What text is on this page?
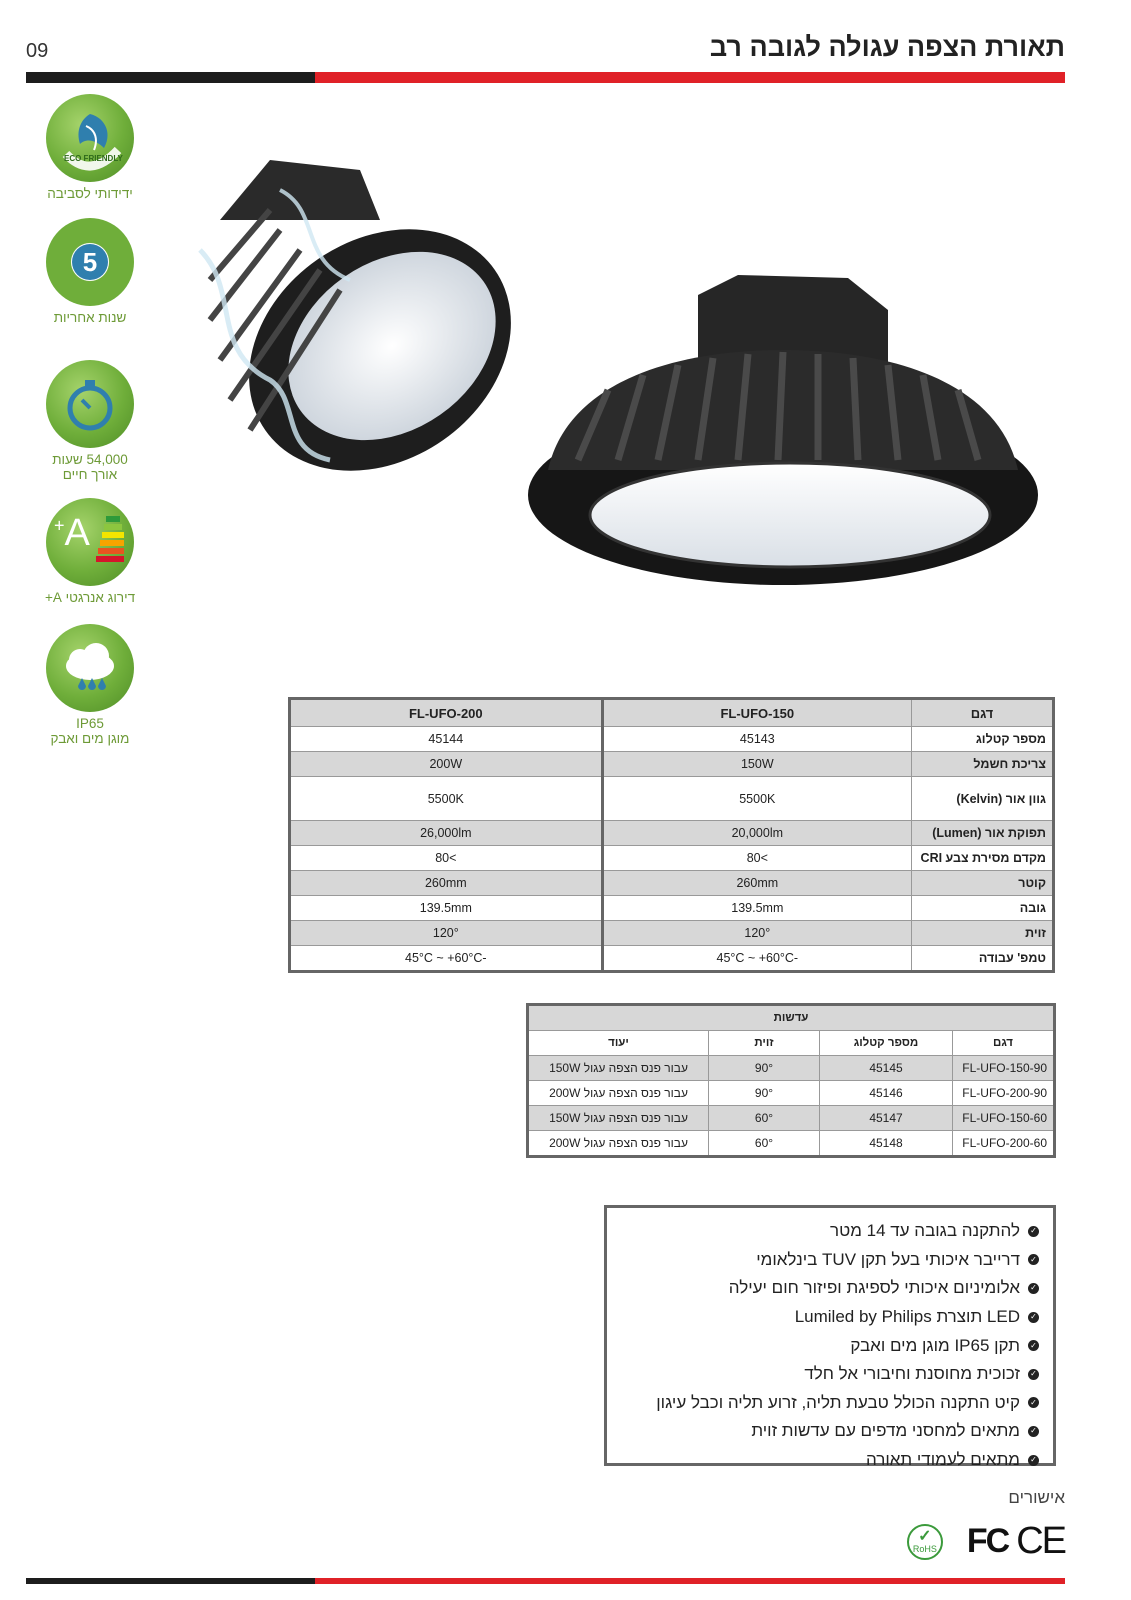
09	תאורת הצפה עגולה לגובה רב
ECO FRIENDLY
ידידותי לסביבה
5
שנות אחריות
54,000 שעות
אורך חיים
A+
דירוג אנרגטי A+
IP65
מוגן מים ואבק
דגם	FL-UFO-150	FL-UFO-200
מספר קטלוג	45143	45144
צריכת חשמל	150W	200W
גוון אור (Kelvin)	5500K	5500K
תפוקת אור (Lumen)	20,000lm	26,000lm
מקדם מסירת צבע CRI	>80	>80
קוטר	260mm	260mm
גובה	139.5mm	139.5mm
זוית	120°	120°
טמפ' עבודה	-45°C ~ +60°C	-45°C ~ +60°C
עדשות			
דגם	מספר קטלוג	זוית	יעוד
FL-UFO-150-90	45145	90°	עבור פנס הצפה עגול 150W
FL-UFO-200-90	45146	90°	עבור פנס הצפה עגול 200W
FL-UFO-150-60	45147	60°	עבור פנס הצפה עגול 150W
FL-UFO-200-60	45148	60°	עבור פנס הצפה עגול 200W
✓
להתקנה בגובה עד 14 מטר
✓
דרייבר איכותי בעל תקן TUV בינלאומי
✓
אלומיניום איכותי לספיגת ופיזור חום יעילה
✓
LED תוצרת Lumiled by Philips
✓
תקן IP65 מוגן מים ואבק
✓
זכוכית מחוסנת וחיבורי אל חלד
✓
קיט התקנה הכולל טבעת תליה, זרוע תליה וכבל עיגון
✓
מתאים למחסני מדפים עם עדשות זוית
✓
מתאים לעמודי תאורה
אישורים
✓
RoHS FC CE
